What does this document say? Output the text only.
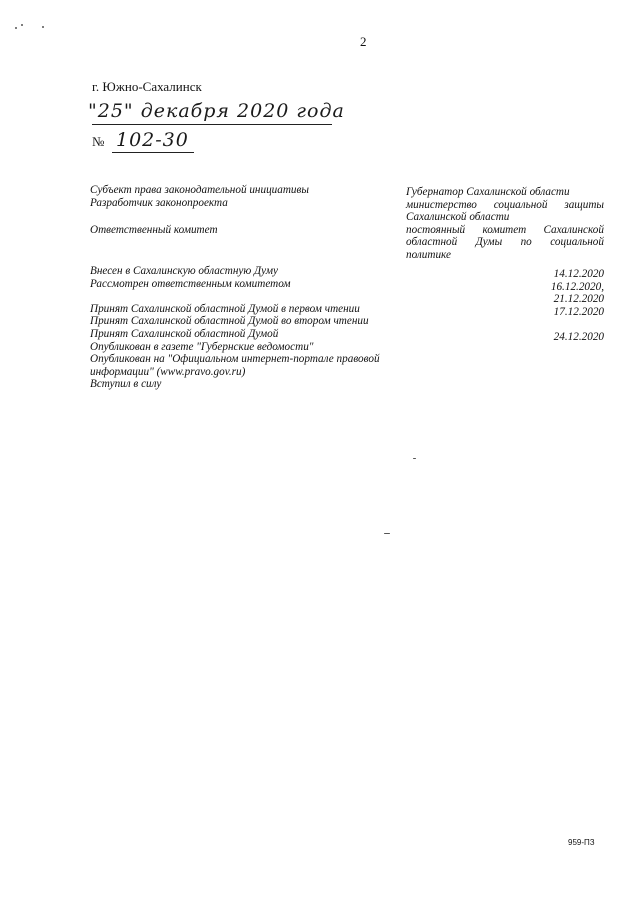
2
г. Южно-Сахалинск
"25" декабря 2020 года
№ 102-30
Субъект права законодательной инициативы
Разработчик законопроекта
Ответственный комитет
Губернатор Сахалинской области
министерство социальной защиты
Сахалинской области
постоянный комитет Сахалинской
областной Думы по социальной
политике
Внесен в Сахалинскую областную Думу
Рассмотрен ответственным комитетом
Принят Сахалинской областной Думой в первом чтении
Принят Сахалинской областной Думой во втором чтении
Принят Сахалинской областной Думой
Опубликован в газете "Губернские ведомости"
Опубликован на "Официальном интернет-портале правовой
информации" (www.pravo.gov.ru)
Вступил в силу
14.12.2020
16.12.2020,
21.12.2020
17.12.2020
24.12.2020
959-ПЗ
